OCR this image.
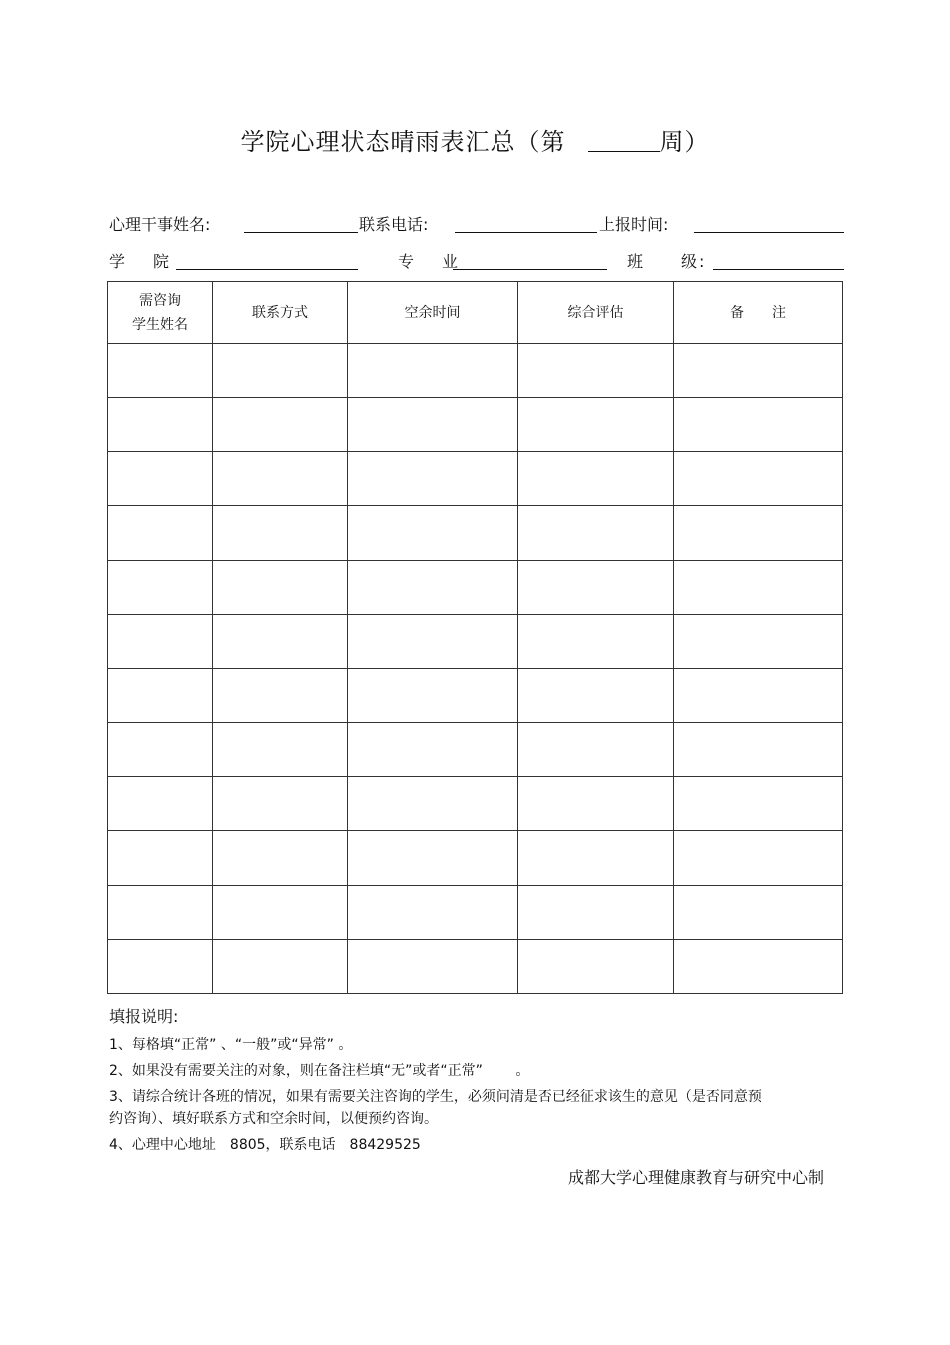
学院心理状态晴雨表汇总（第	周）
心理干事姓名:	联系电话:	上报时间:
学　院	专　业	班　　级:
需咨询
学生姓名	联系方式	空余时间	综合评估	备　　注

填报说明:

1、每格填“正常” 、“一般”或“异常” 。

2、如果没有需要关注的对象，则在备注栏填“无”或者“正常”　　 。

3、请综合统计各班的情况，如果有需要关注咨询的学生，必须问清是否已经征求该生的意见（是否同意预约咨询）、填好联系方式和空余时间，以便预约咨询。

4、心理中心地址　8805，联系电话　88429525

成都大学心理健康教育与研究中心制
